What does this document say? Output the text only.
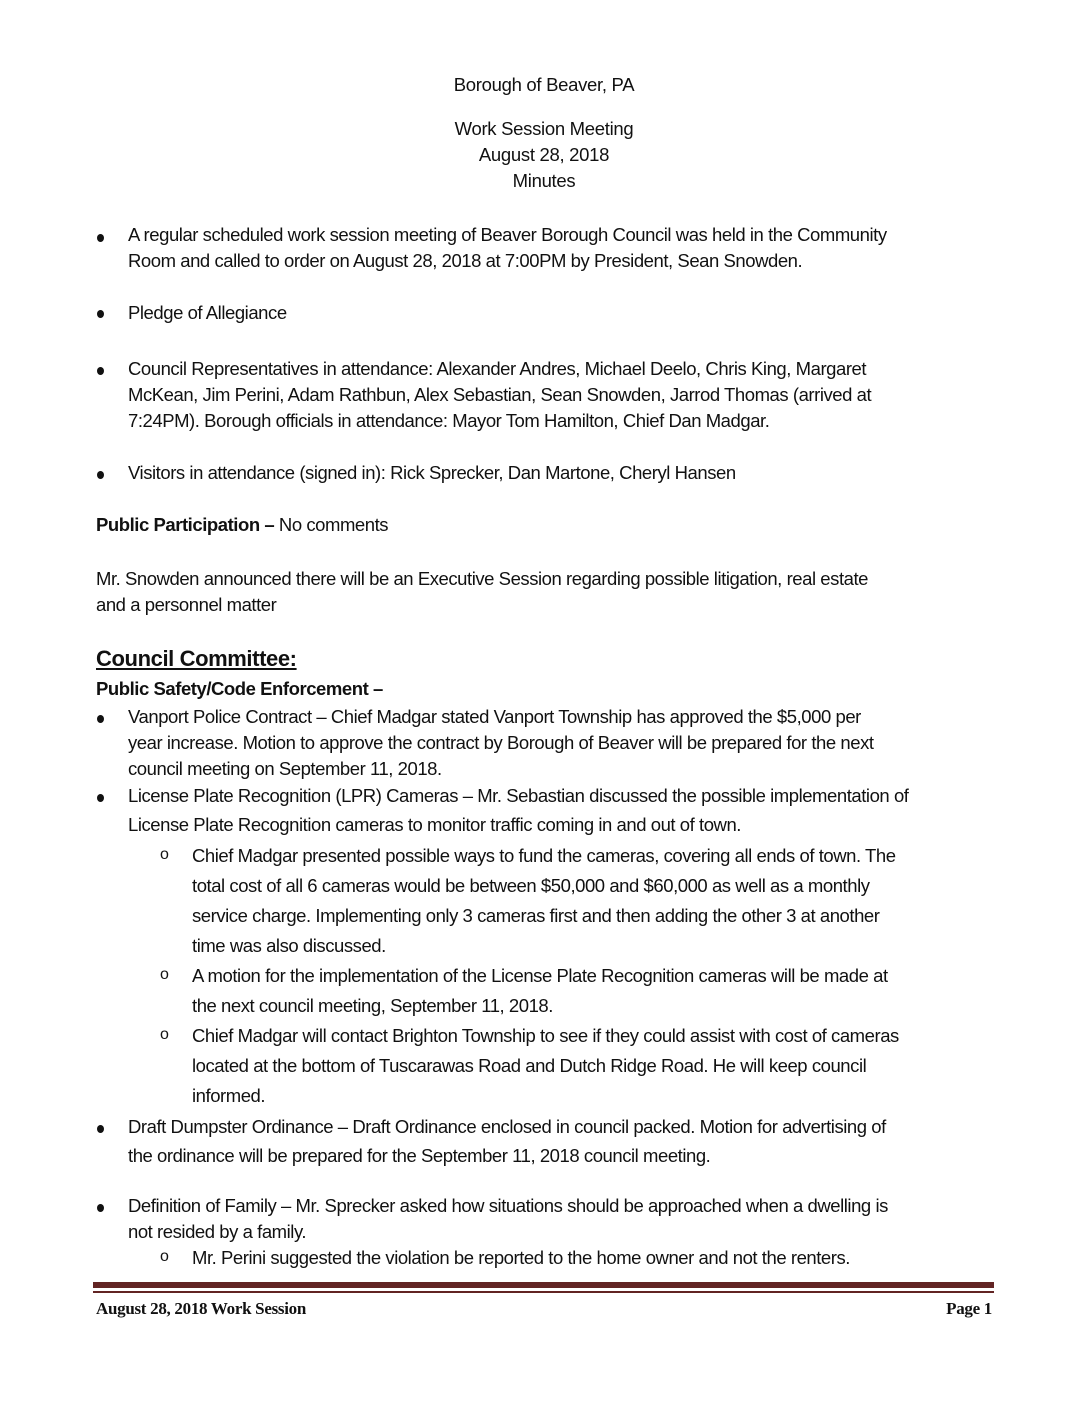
Borough of Beaver, PA
Work Session Meeting
August 28, 2018
Minutes
A regular scheduled work session meeting of Beaver Borough Council was held in the Community
Room and called to order on August 28, 2018 at 7:00PM by President, Sean Snowden.
Pledge of Allegiance
Council Representatives in attendance: Alexander Andres, Michael Deelo, Chris King, Margaret
McKean, Jim Perini, Adam Rathbun, Alex Sebastian, Sean Snowden, Jarrod Thomas (arrived at
7:24PM). Borough officials in attendance: Mayor Tom Hamilton, Chief Dan Madgar.
Visitors in attendance (signed in): Rick Sprecker, Dan Martone, Cheryl Hansen
Public Participation – No comments
Mr. Snowden announced there will be an Executive Session regarding possible litigation, real estate
and a personnel matter
Council Committee:
Public Safety/Code Enforcement –
Vanport Police Contract – Chief Madgar stated Vanport Township has approved the $5,000 per
year increase. Motion to approve the contract by Borough of Beaver will be prepared for the next
council meeting on September 11, 2018.
License Plate Recognition (LPR) Cameras – Mr. Sebastian discussed the possible implementation of
License Plate Recognition cameras to monitor traffic coming in and out of town.
o Chief Madgar presented possible ways to fund the cameras, covering all ends of town. The
total cost of all 6 cameras would be between $50,000 and $60,000 as well as a monthly
service charge. Implementing only 3 cameras first and then adding the other 3 at another
time was also discussed.
o A motion for the implementation of the License Plate Recognition cameras will be made at
the next council meeting, September 11, 2018.
o Chief Madgar will contact Brighton Township to see if they could assist with cost of cameras
located at the bottom of Tuscarawas Road and Dutch Ridge Road. He will keep council
informed.
Draft Dumpster Ordinance – Draft Ordinance enclosed in council packed. Motion for advertising of
the ordinance will be prepared for the September 11, 2018 council meeting.
Definition of Family – Mr. Sprecker asked how situations should be approached when a dwelling is
not resided by a family.
o Mr. Perini suggested the violation be reported to the home owner and not the renters.
August 28, 2018 Work Session	Page 1
